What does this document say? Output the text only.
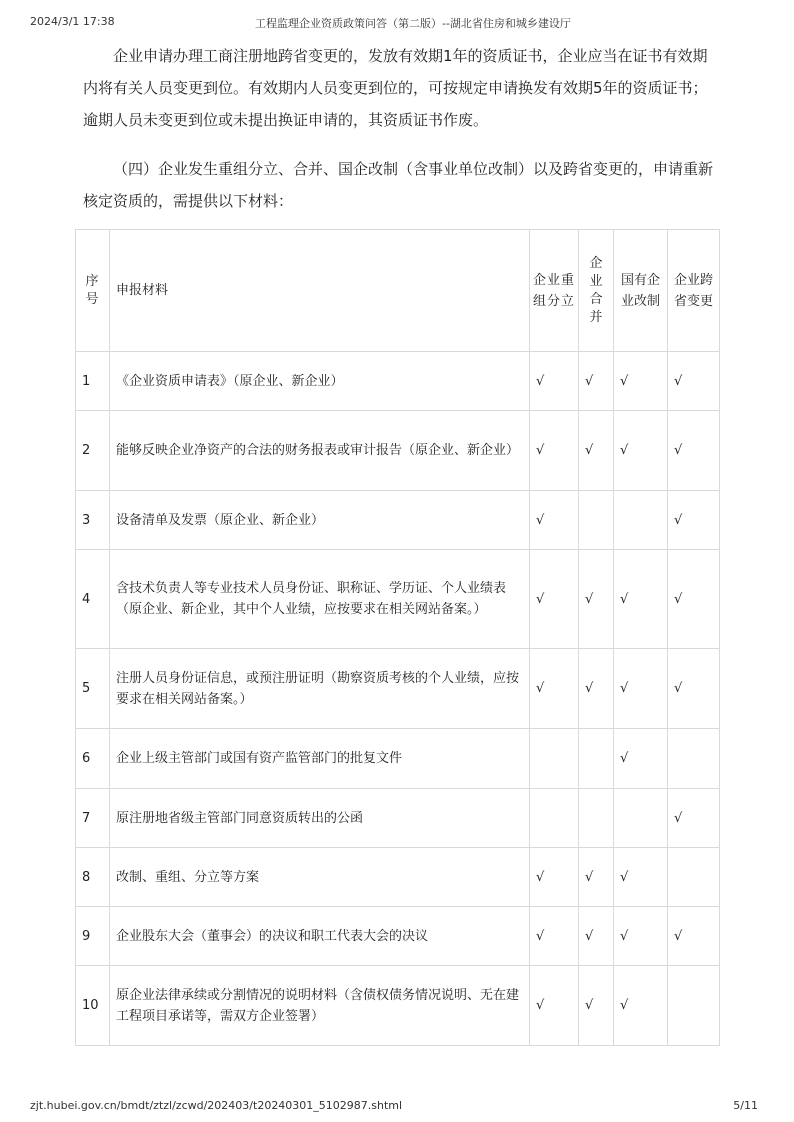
2024/3/1 17:38	工程监理企业资质政策问答（第二版）--湖北省住房和城乡建设厅

企业申请办理工商注册地跨省变更的，发放有效期1年的资质证书，企业应当在证书有效期内将有关人员变更到位。有效期内人员变更到位的，可按规定申请换发有效期5年的资质证书；逾期人员未变更到位或未提出换证申请的，其资质证书作废。

（四）企业发生重组分立、合并、国企改制（含事业单位改制）以及跨省变更的，申请重新核定资质的，需提供以下材料：

序号	申报材料	企业重组分立	企业合并	国有企业改制	企业跨省变更
1	《企业资质申请表》（原企业、新企业）	√	√	√	√
2	能够反映企业净资产的合法的财务报表或审计报告（原企业、新企业）	√	√	√	√
3	设备清单及发票（原企业、新企业）	√			√
4	含技术负责人等专业技术人员身份证、职称证、学历证、个人业绩表（原企业、新企业，其中个人业绩，应按要求在相关网站备案。）	√	√	√	√
5	注册人员身份证信息，或预注册证明（勘察资质考核的个人业绩，应按要求在相关网站备案。）	√	√	√	√
6	企业上级主管部门或国有资产监管部门的批复文件			√	
7	原注册地省级主管部门同意资质转出的公函				√
8	改制、重组、分立等方案	√	√	√	
9	企业股东大会（董事会）的决议和职工代表大会的决议	√	√	√	√
10	原企业法律承续或分割情况的说明材料（含债权债务情况说明、无在建工程项目承诺等，需双方企业签署）	√	√	√	
zjt.hubei.gov.cn/bmdt/ztzl/zcwd/202403/t20240301_5102987.shtml	5/11
